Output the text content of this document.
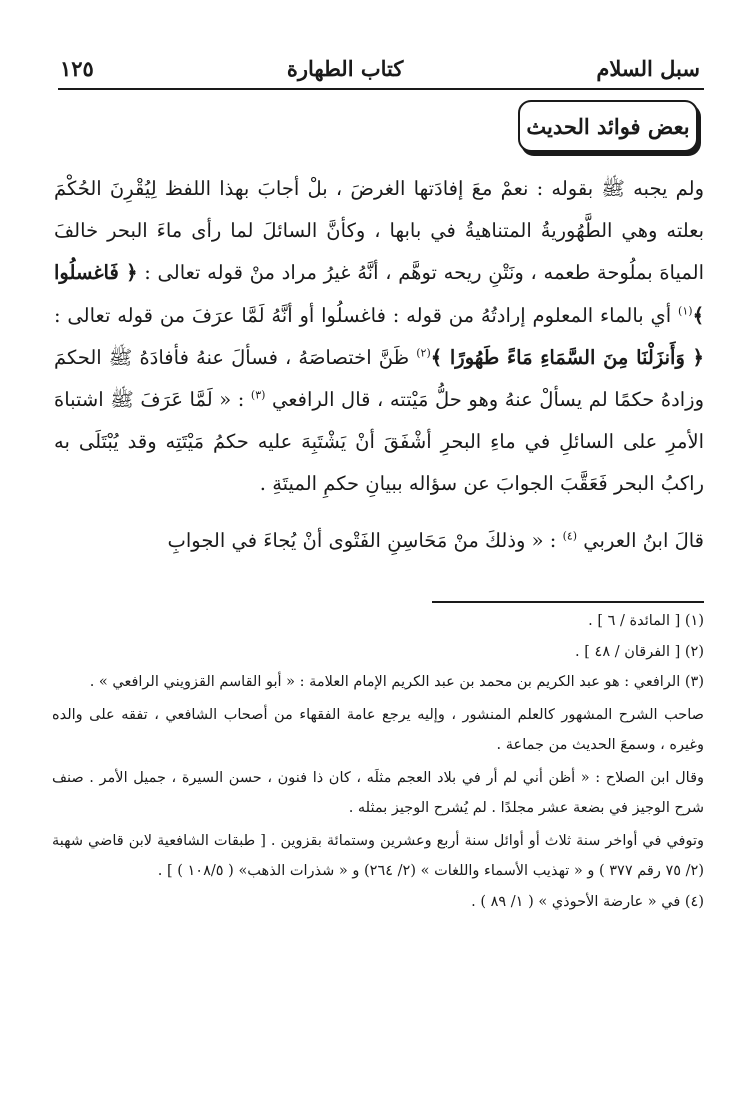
سبل السلام
كتاب الطهارة
١٢٥
بعض فوائد الحديث

ولم يجبه ﷺ بقوله : نعمْ معَ إفادَتها الغرضَ ، بلْ أجابَ بهذا اللفظ لِيُقْرِنَ الحُكْمَ بعلته وهي الطَّهُوريةُ المتناهيةُ في بابها ، وكأنَّ السائلَ لما رأى ماءَ البحر خالفَ المياهَ بملُوحة طعمه ، ونَتْنِ ريحه توهَّم ، أنَّهُ غيرُ مراد منْ قوله تعالى : ﴿ فَاغسلُوا ﴾$^{(١)}$ أي بالماء المعلوم إرادتُهُ من قوله : فاغسلُوا أو أنَّهُ لَمَّا عرَفَ من قوله تعالى : ﴿ وَأَنزَلْنَا مِنَ السَّمَاءِ مَاءً طَهُورًا ﴾$^{(٢)}$ ظَنَّ اختصاصَهُ ، فسألَ عنهُ فأفادَهُ ﷺ الحكمَ وزادهُ حكمًا لم يسألْ عنهُ وهو حلُّ مَيْتته ، قال الرافعي $^{(٣)}$ : « لَمَّا عَرَفَ ﷺ اشتباهَ الأمرِ على السائلِ في ماءِ البحرِ أشْفَقَ أنْ يَشْتَبِهَ عليه حكمُ مَيْتَتِه وقد يُبْتَلَى به راكبُ البحر فَعَقَّبَ الجوابَ عن سؤاله ببيانِ حكمِ الميتَةِ .

قالَ ابنُ العربي $^{(٤)}$ : « وذلكَ منْ مَحَاسِنِ الفَتْوى أنْ يُجاءَ في الجوابِ

(١) [ المائدة / ٦ ] .

(٢) [ الفرقان / ٤٨ ] .

(٣) الرافعي : هو عبد الكريم بن محمد بن عبد الكريم الإمام العلامة : « أبو القاسم القزويني الرافعي » .

صاحب الشرح المشهور كالعلم المنشور ، وإليه يرجع عامة الفقهاء من أصحاب الشافعي ، تفقه على والده وغيره ، وسمعَ الحديث من جماعة .

وقال ابن الصلاح : « أظن أني لم أر في بلاد العجم مثلَه ، كان ذا فنون ، حسن السيرة ، جميل الأمر . صنف شرح الوجيز في بضعة عشر مجلدًا . لم يُشرح الوجيز بمثله .

وتوفي في أواخر سنة ثلاث أو أوائل سنة أربع وعشرين وستمائة بقزوين . [ طبقات الشافعية لابن قاضي شهبة (٢/ ٧٥ رقم ٣٧٧ ) و « تهذيب الأسماء واللغات » (٢/ ٢٦٤) و « شذرات الذهب» ( ١٠٨/٥ ) ] .

(٤) في « عارضة الأحوذي » ( ١/ ٨٩ ) .
